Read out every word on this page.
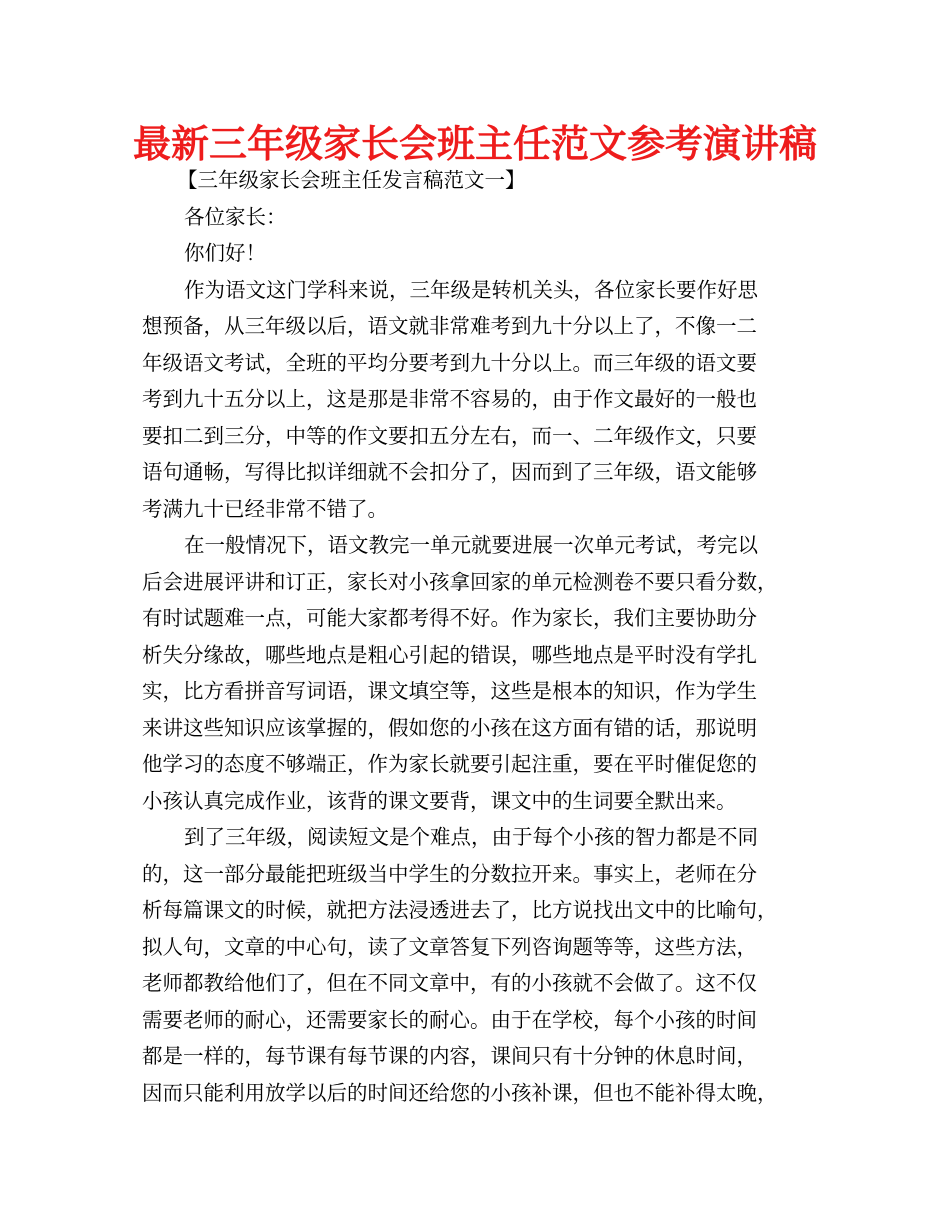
最新三年级家长会班主任范文参考演讲稿
【三年级家长会班主任发言稿范文一】
各位家长：
你们好！
作为语文这门学科来说，三年级是转机关头，各位家长要作好思
想预备，从三年级以后，语文就非常难考到九十分以上了，不像一二
年级语文考试，全班的平均分要考到九十分以上。而三年级的语文要
考到九十五分以上，这是那是非常不容易的，由于作文最好的一般也
要扣二到三分，中等的作文要扣五分左右，而一、二年级作文，只要
语句通畅，写得比拟详细就不会扣分了，因而到了三年级，语文能够
考满九十已经非常不错了。
在一般情况下，语文教完一单元就要进展一次单元考试，考完以
后会进展评讲和订正，家长对小孩拿回家的单元检测卷不要只看分数，
有时试题难一点，可能大家都考得不好。作为家长，我们主要协助分
析失分缘故，哪些地点是粗心引起的错误，哪些地点是平时没有学扎
实，比方看拼音写词语，课文填空等，这些是根本的知识，作为学生
来讲这些知识应该掌握的，假如您的小孩在这方面有错的话，那说明
他学习的态度不够端正，作为家长就要引起注重，要在平时催促您的
小孩认真完成作业，该背的课文要背，课文中的生词要全默出来。
到了三年级，阅读短文是个难点，由于每个小孩的智力都是不同
的，这一部分最能把班级当中学生的分数拉开来。事实上，老师在分
析每篇课文的时候，就把方法浸透进去了，比方说找出文中的比喻句，
拟人句，文章的中心句，读了文章答复下列咨询题等等，这些方法，
老师都教给他们了，但在不同文章中，有的小孩就不会做了。这不仅
需要老师的耐心，还需要家长的耐心。由于在学校，每个小孩的时间
都是一样的，每节课有每节课的内容，课间只有十分钟的休息时间，
因而只能利用放学以后的时间还给您的小孩补课，但也不能补得太晚，
